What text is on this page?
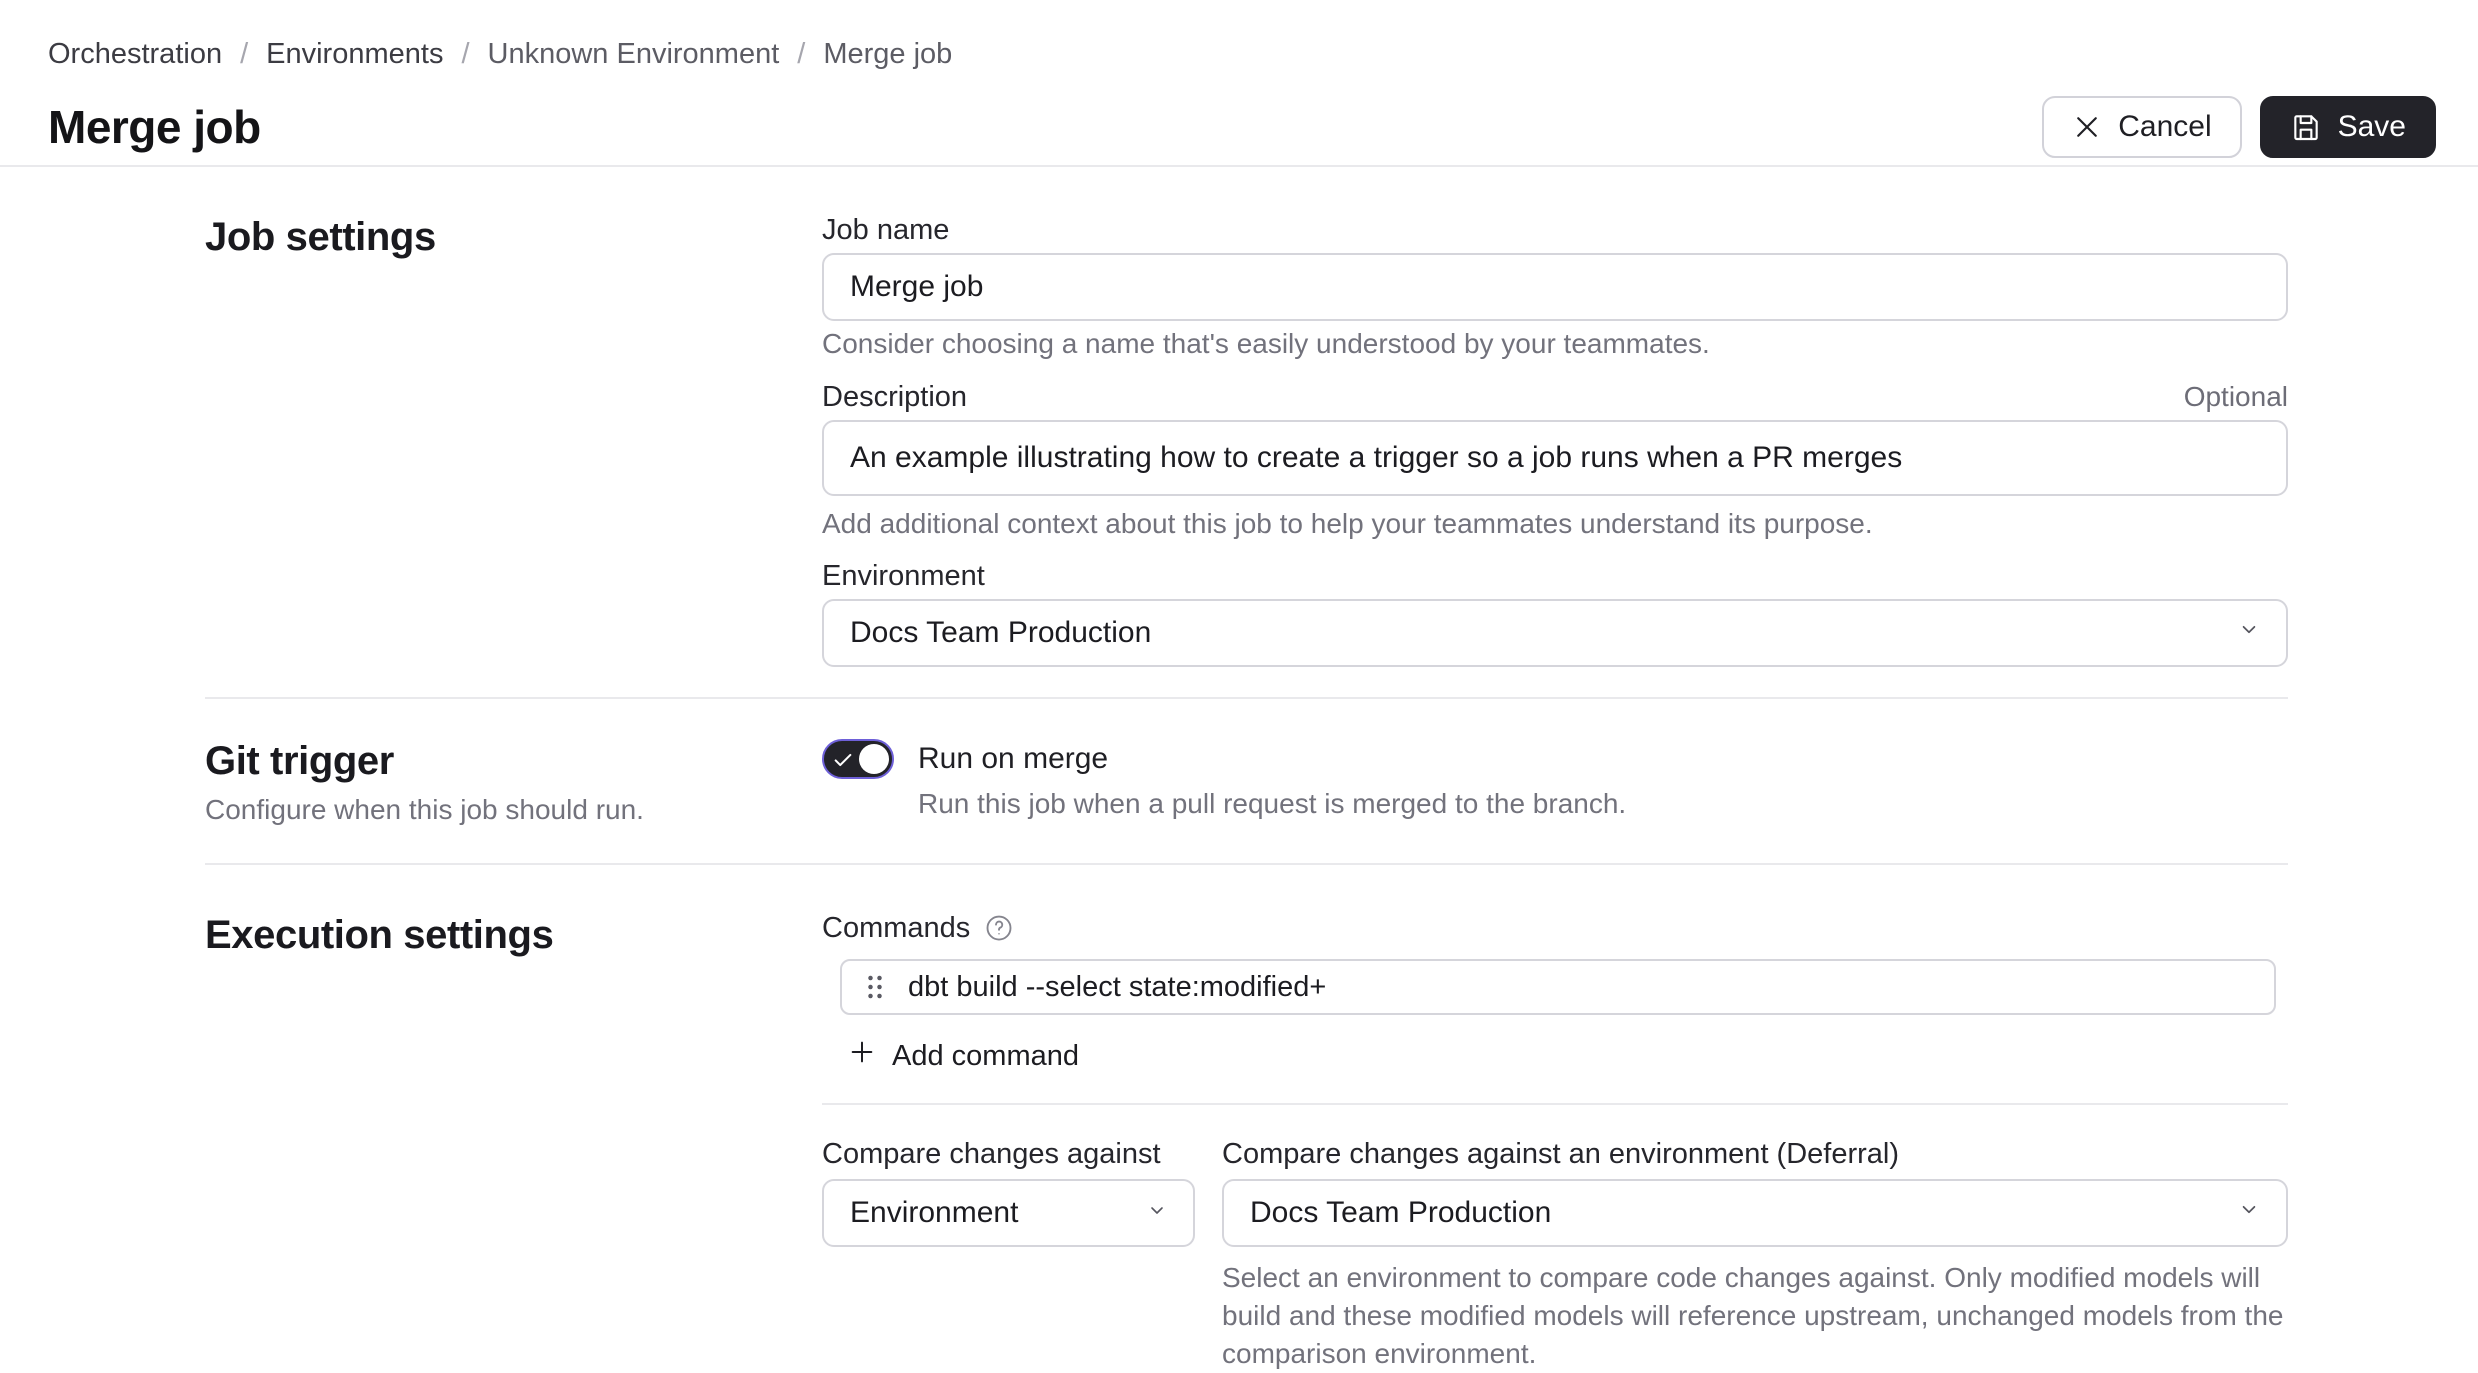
Orchestration / Environments / Unknown Environment / Merge job
Merge job	Cancel	Save
Job settings	Job name Merge job
Consider choosing a name that's easily understood by your teammates.
Description	Optional
An example illustrating how to create a trigger so a job runs when a PR merges
Add additional context about this job to help your teammates understand its purpose.
Environment
Docs Team Production
Git trigger
Configure when this job should run.
Run on merge
Run this job when a pull request is merged to the branch.
Execution settings	Commands
dbt build --select state:modified+
Add command
Compare changes against
Environment
Compare changes against an environment (Deferral)
Docs Team Production
Select an environment to compare code changes against. Only modified models will build and these modified models will reference upstream, unchanged models from the comparison environment.
